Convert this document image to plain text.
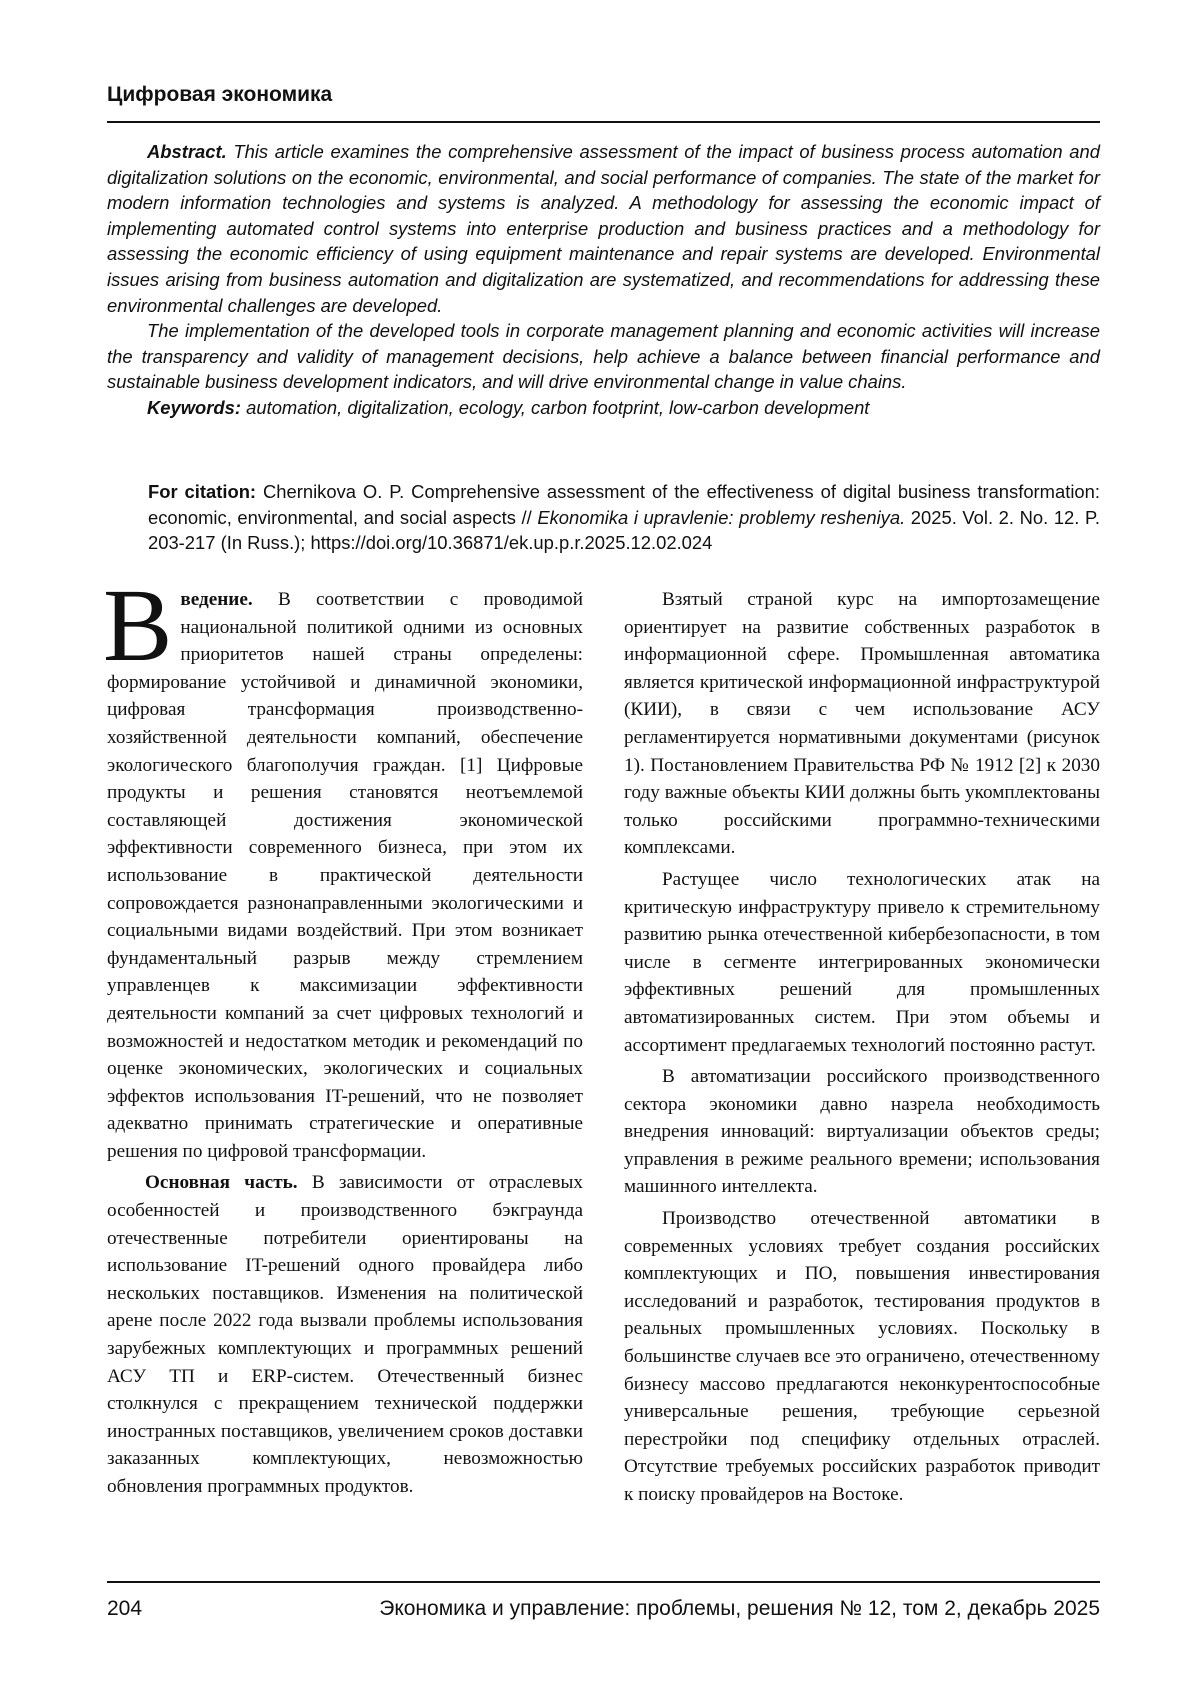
Цифровая экономика

Abstract. This article examines the comprehensive assessment of the impact of business process automation and digitalization solutions on the economic, environmental, and social performance of companies. The state of the market for modern information technologies and systems is analyzed. A methodology for assessing the economic impact of implementing automated control systems into enterprise production and business practices and a methodology for assessing the economic efficiency of using equipment maintenance and repair systems are developed. Environmental issues arising from business automation and digitalization are systematized, and recommendations for addressing these environmental challenges are developed.

The implementation of the developed tools in corporate management planning and economic activities will increase the transparency and validity of management decisions, help achieve a balance between financial performance and sustainable business development indicators, and will drive environmental change in value chains.

Keywords: automation, digitalization, ecology, carbon footprint, low-carbon development

For citation: Chernikova O. P. Comprehensive assessment of the effectiveness of digital business transformation: economic, environmental, and social aspects // Ekonomika i upravlenie: problemy resheniya. 2025. Vol. 2. No. 12. P. 203-217 (In Russ.); https://doi.org/10.36871/ek.up.p.r.2025.12.02.024

Введение. В соответствии с проводимой национальной политикой одними из основных приоритетов нашей страны определены: формирование устойчивой и динамичной экономики, цифровая трансформация производственно-хозяйственной деятельности компаний, обеспечение экологического благополучия граждан. [1] Цифровые продукты и решения становятся неотъемлемой составляющей достижения экономической эффективности современного бизнеса, при этом их использование в практической деятельности сопровождается разнонаправленными экологическими и социальными видами воздействий. При этом возникает фундаментальный разрыв между стремлением управленцев к максимизации эффективности деятельности компаний за счет цифровых технологий и возможностей и недостатком методик и рекомендаций по оценке экономических, экологических и социальных эффектов использования IT-решений, что не позволяет адекватно принимать стратегические и оперативные решения по цифровой трансформации.

Основная часть. В зависимости от отраслевых особенностей и производственного бэкграунда отечественные потребители ориентированы на использование IT-решений одного провайдера либо нескольких поставщиков. Изменения на политической арене после 2022 года вызвали проблемы использования зарубежных комплектующих и программных решений АСУ ТП и ERP-систем. Отечественный бизнес столкнулся с прекращением технической поддержки иностранных поставщиков, увеличением сроков доставки заказанных комплектующих, невозможностью обновления программных продуктов.

Взятый страной курс на импортозамещение ориентирует на развитие собственных разработок в информационной сфере. Промышленная автоматика является критической информационной инфраструктурой (КИИ), в связи с чем использование АСУ регламентируется нормативными документами (рисунок 1). Постановлением Правительства РФ № 1912 [2] к 2030 году важные объекты КИИ должны быть укомплектованы только российскими программно-техническими комплексами.

Растущее число технологических атак на критическую инфраструктуру привело к стремительному развитию рынка отечественной кибербезопасности, в том числе в сегменте интегрированных экономически эффективных решений для промышленных автоматизированных систем. При этом объемы и ассортимент предлагаемых технологий постоянно растут.

В автоматизации российского производственного сектора экономики давно назрела необходимость внедрения инноваций: виртуализации объектов среды; управления в режиме реального времени; использования машинного интеллекта.

Производство отечественной автоматики в современных условиях требует создания российских комплектующих и ПО, повышения инвестирования исследований и разработок, тестирования продуктов в реальных промышленных условиях. Поскольку в большинстве случаев все это ограничено, отечественному бизнесу массово предлагаются неконкурентоспособные универсальные решения, требующие серьезной перестройки под специфику отдельных отраслей. Отсутствие требуемых российских разработок приводит к поиску провайдеров на Востоке.

204	Экономика и управление: проблемы, решения № 12, том 2, декабрь 2025
